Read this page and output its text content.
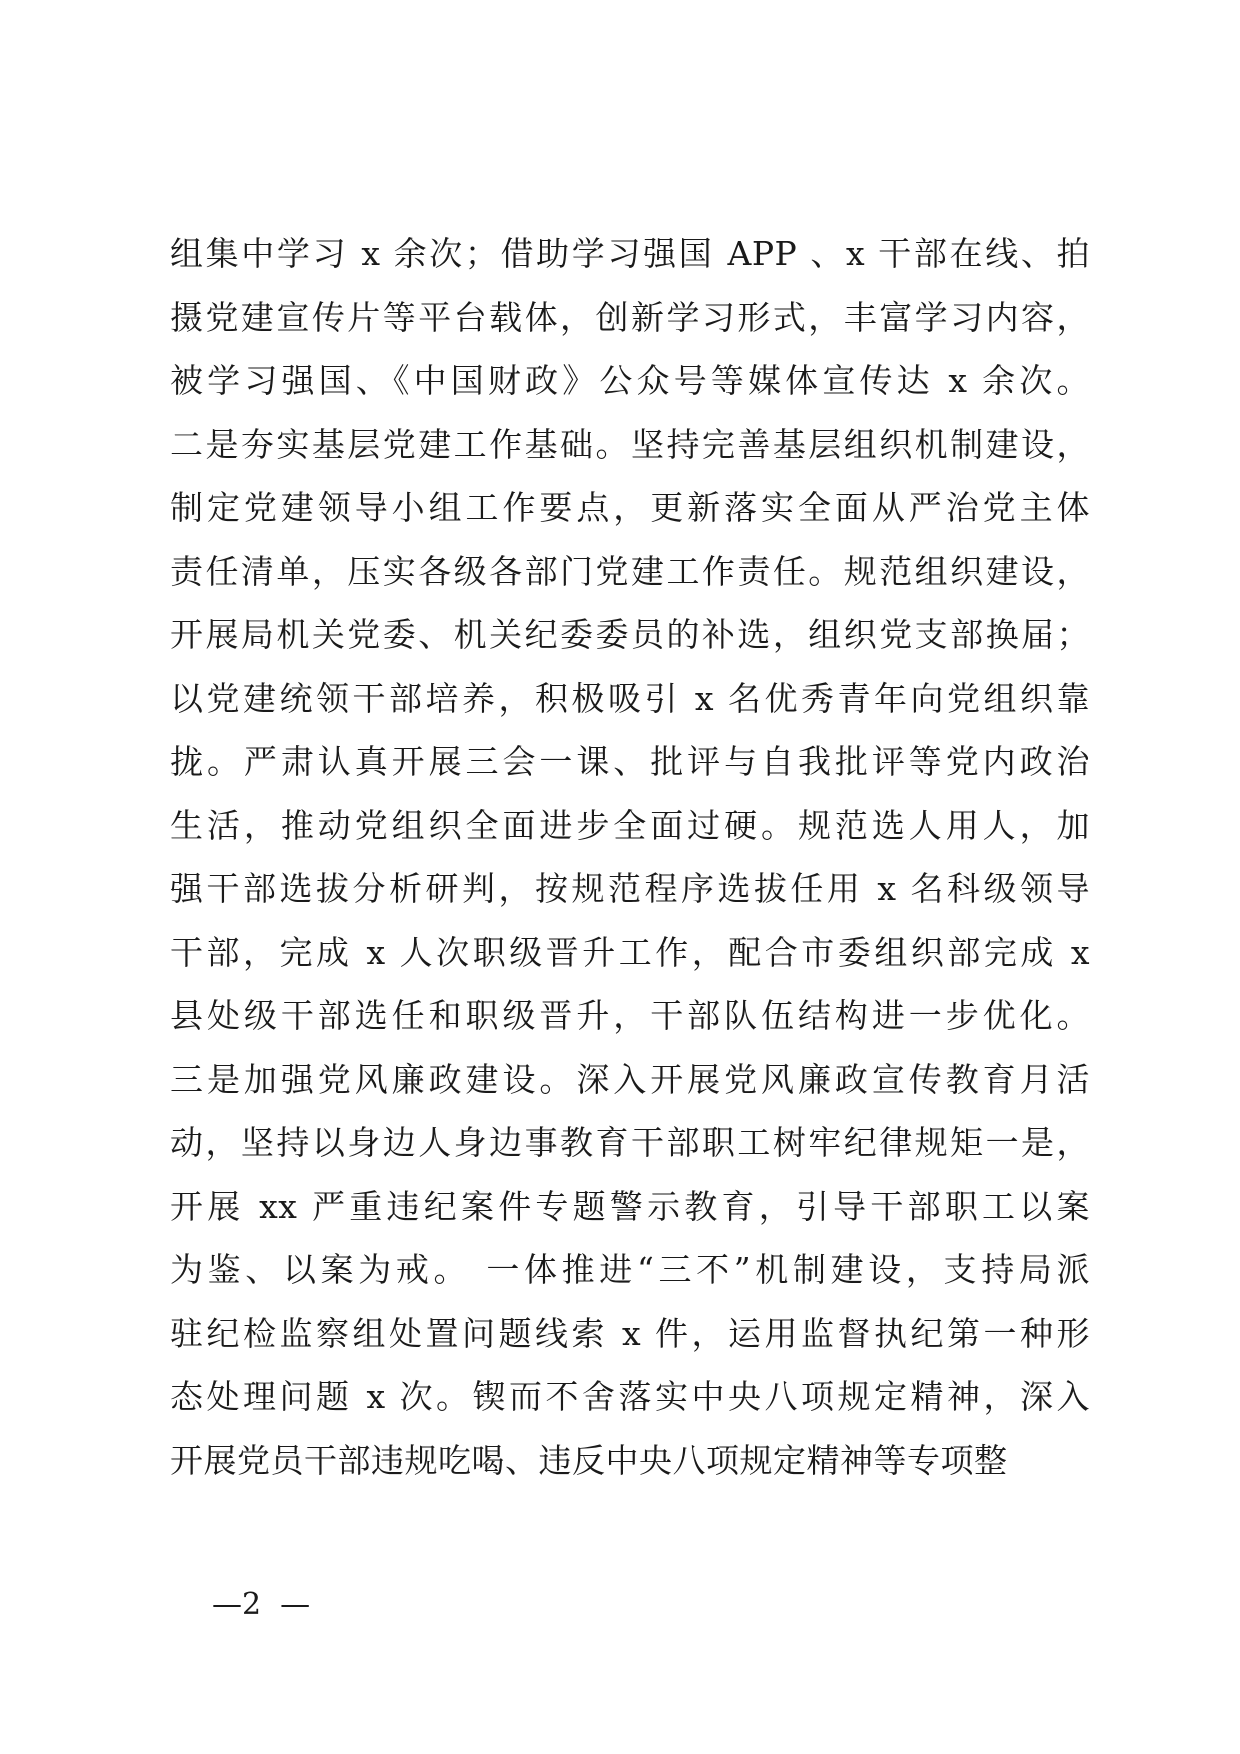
组集中学习 x 余次；借助学习强国 APP 、x 干部在线、拍
摄党建宣传片等平台载体，创新学习形式，丰富学习内容，
被学习强国、《中国财政》公众号等媒体宣传达 x 余次。
二是夯实基层党建工作基础。坚持完善基层组织机制建设，
制定党建领导小组工作要点，更新落实全面从严治党主体
责任清单，压实各级各部门党建工作责任。规范组织建设，
开展局机关党委、机关纪委委员的补选，组织党支部换届；
以党建统领干部培养，积极吸引 x 名优秀青年向党组织靠
拢。严肃认真开展三会一课、批评与自我批评等党内政治
生活，推动党组织全面进步全面过硬。规范选人用人，加
强干部选拔分析研判，按规范程序选拔任用 x 名科级领导
干部，完成 x 人次职级晋升工作，配合市委组织部完成 x
县处级干部选任和职级晋升，干部队伍结构进一步优化。
三是加强党风廉政建设。深入开展党风廉政宣传教育月活
动，坚持以身边人身边事教育干部职工树牢纪律规矩一是，
开展 xx 严重违纪案件专题警示教育，引导干部职工以案
为鉴、以案为戒。 一体推进“三不”机制建设，支持局派
驻纪检监察组处置问题线索 x 件，运用监督执纪第一种形
态处理问题 x 次。锲而不舍落实中央八项规定精神，深入
开展党员干部违规吃喝、违反中央八项规定精神等专项整
—2  —
